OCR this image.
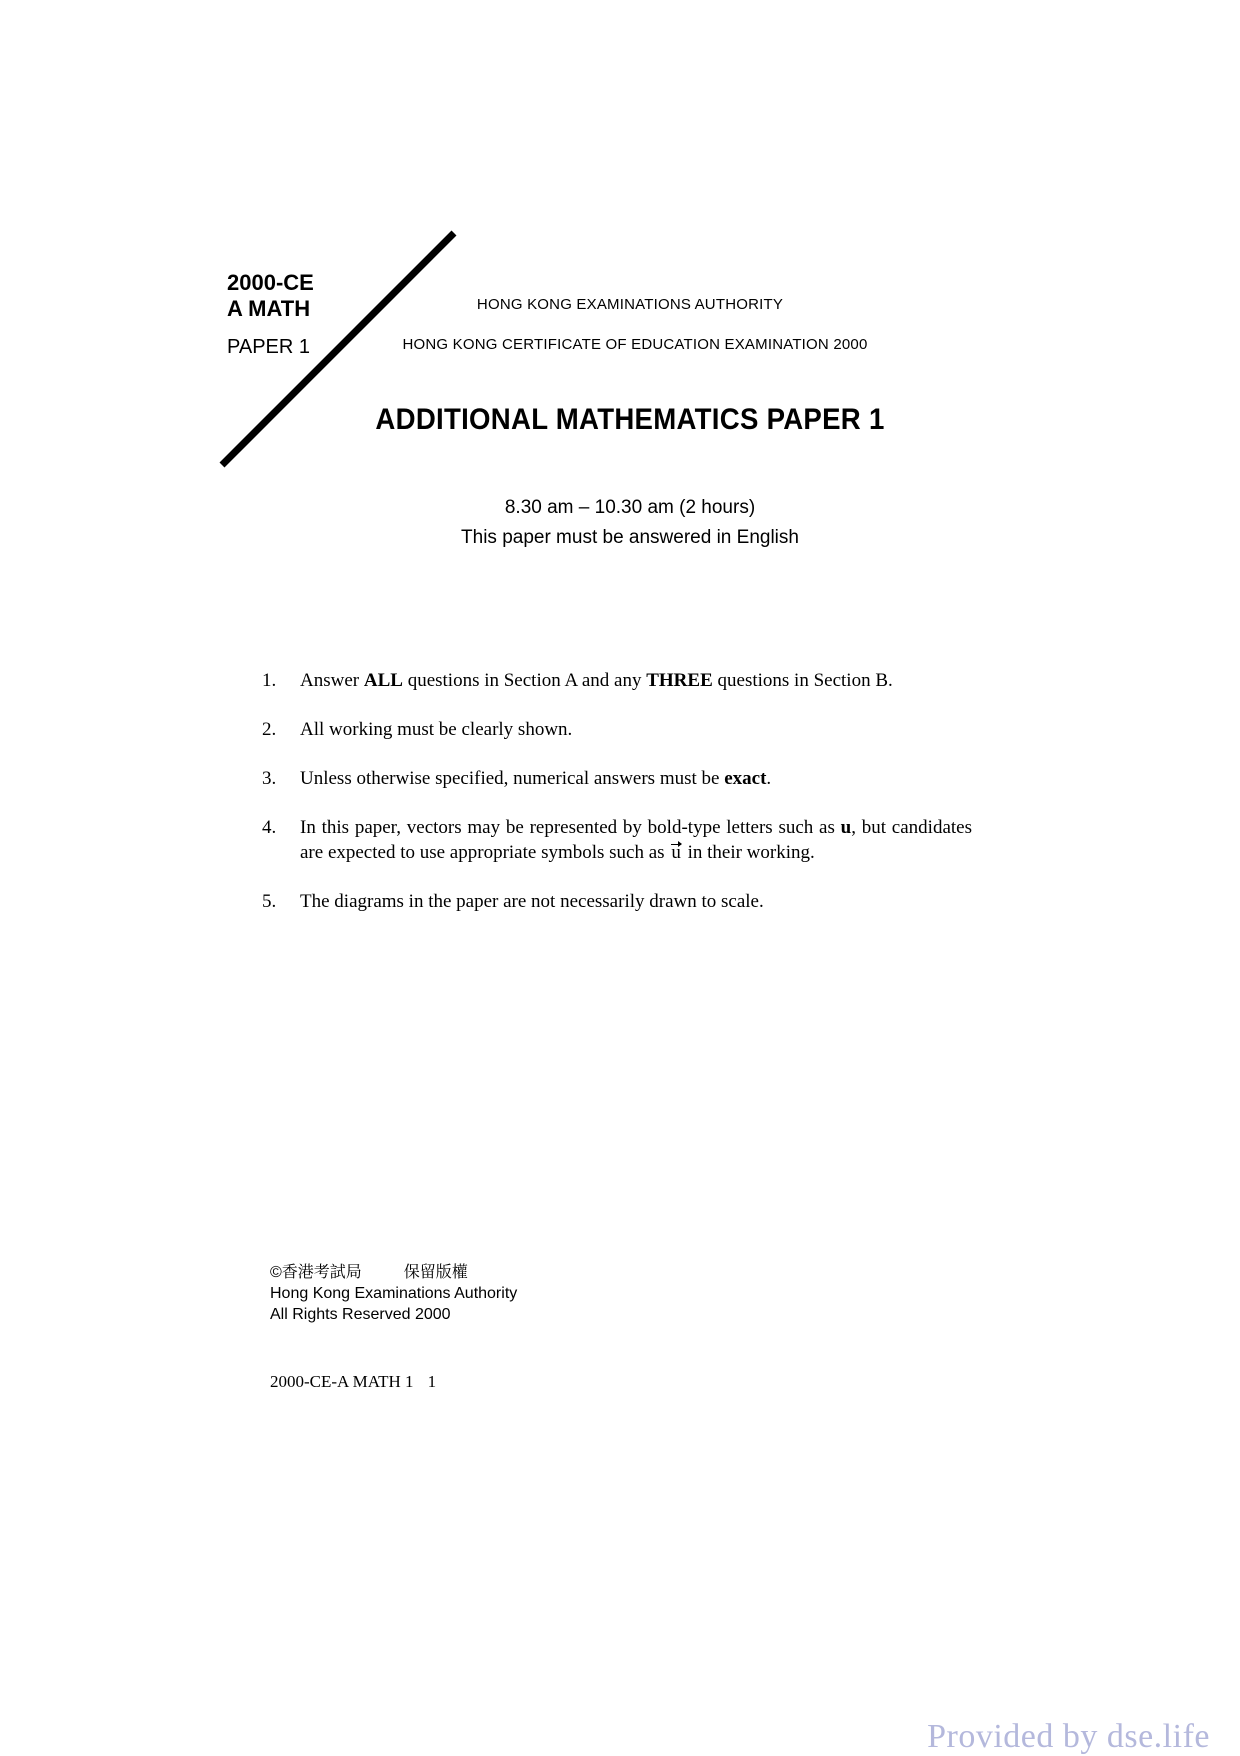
2000-CE
A MATH
PAPER 1
HONG KONG EXAMINATIONS AUTHORITY
HONG KONG CERTIFICATE OF EDUCATION EXAMINATION 2000
ADDITIONAL MATHEMATICS PAPER 1
8.30 am – 10.30 am (2 hours)
This paper must be answered in English
1. Answer ALL questions in Section A and any THREE questions in Section B.
2. All working must be clearly shown.
3. Unless otherwise specified, numerical answers must be exact.
4. In this paper, vectors may be represented by bold-type letters such as u, but candidates are expected to use appropriate symbols such as u in their working.
5. The diagrams in the paper are not necessarily drawn to scale.
©香港考試局	保留版權
Hong Kong Examinations Authority
All Rights Reserved 2000
2000-CE-A MATH 1 1
Provided by dse.life
